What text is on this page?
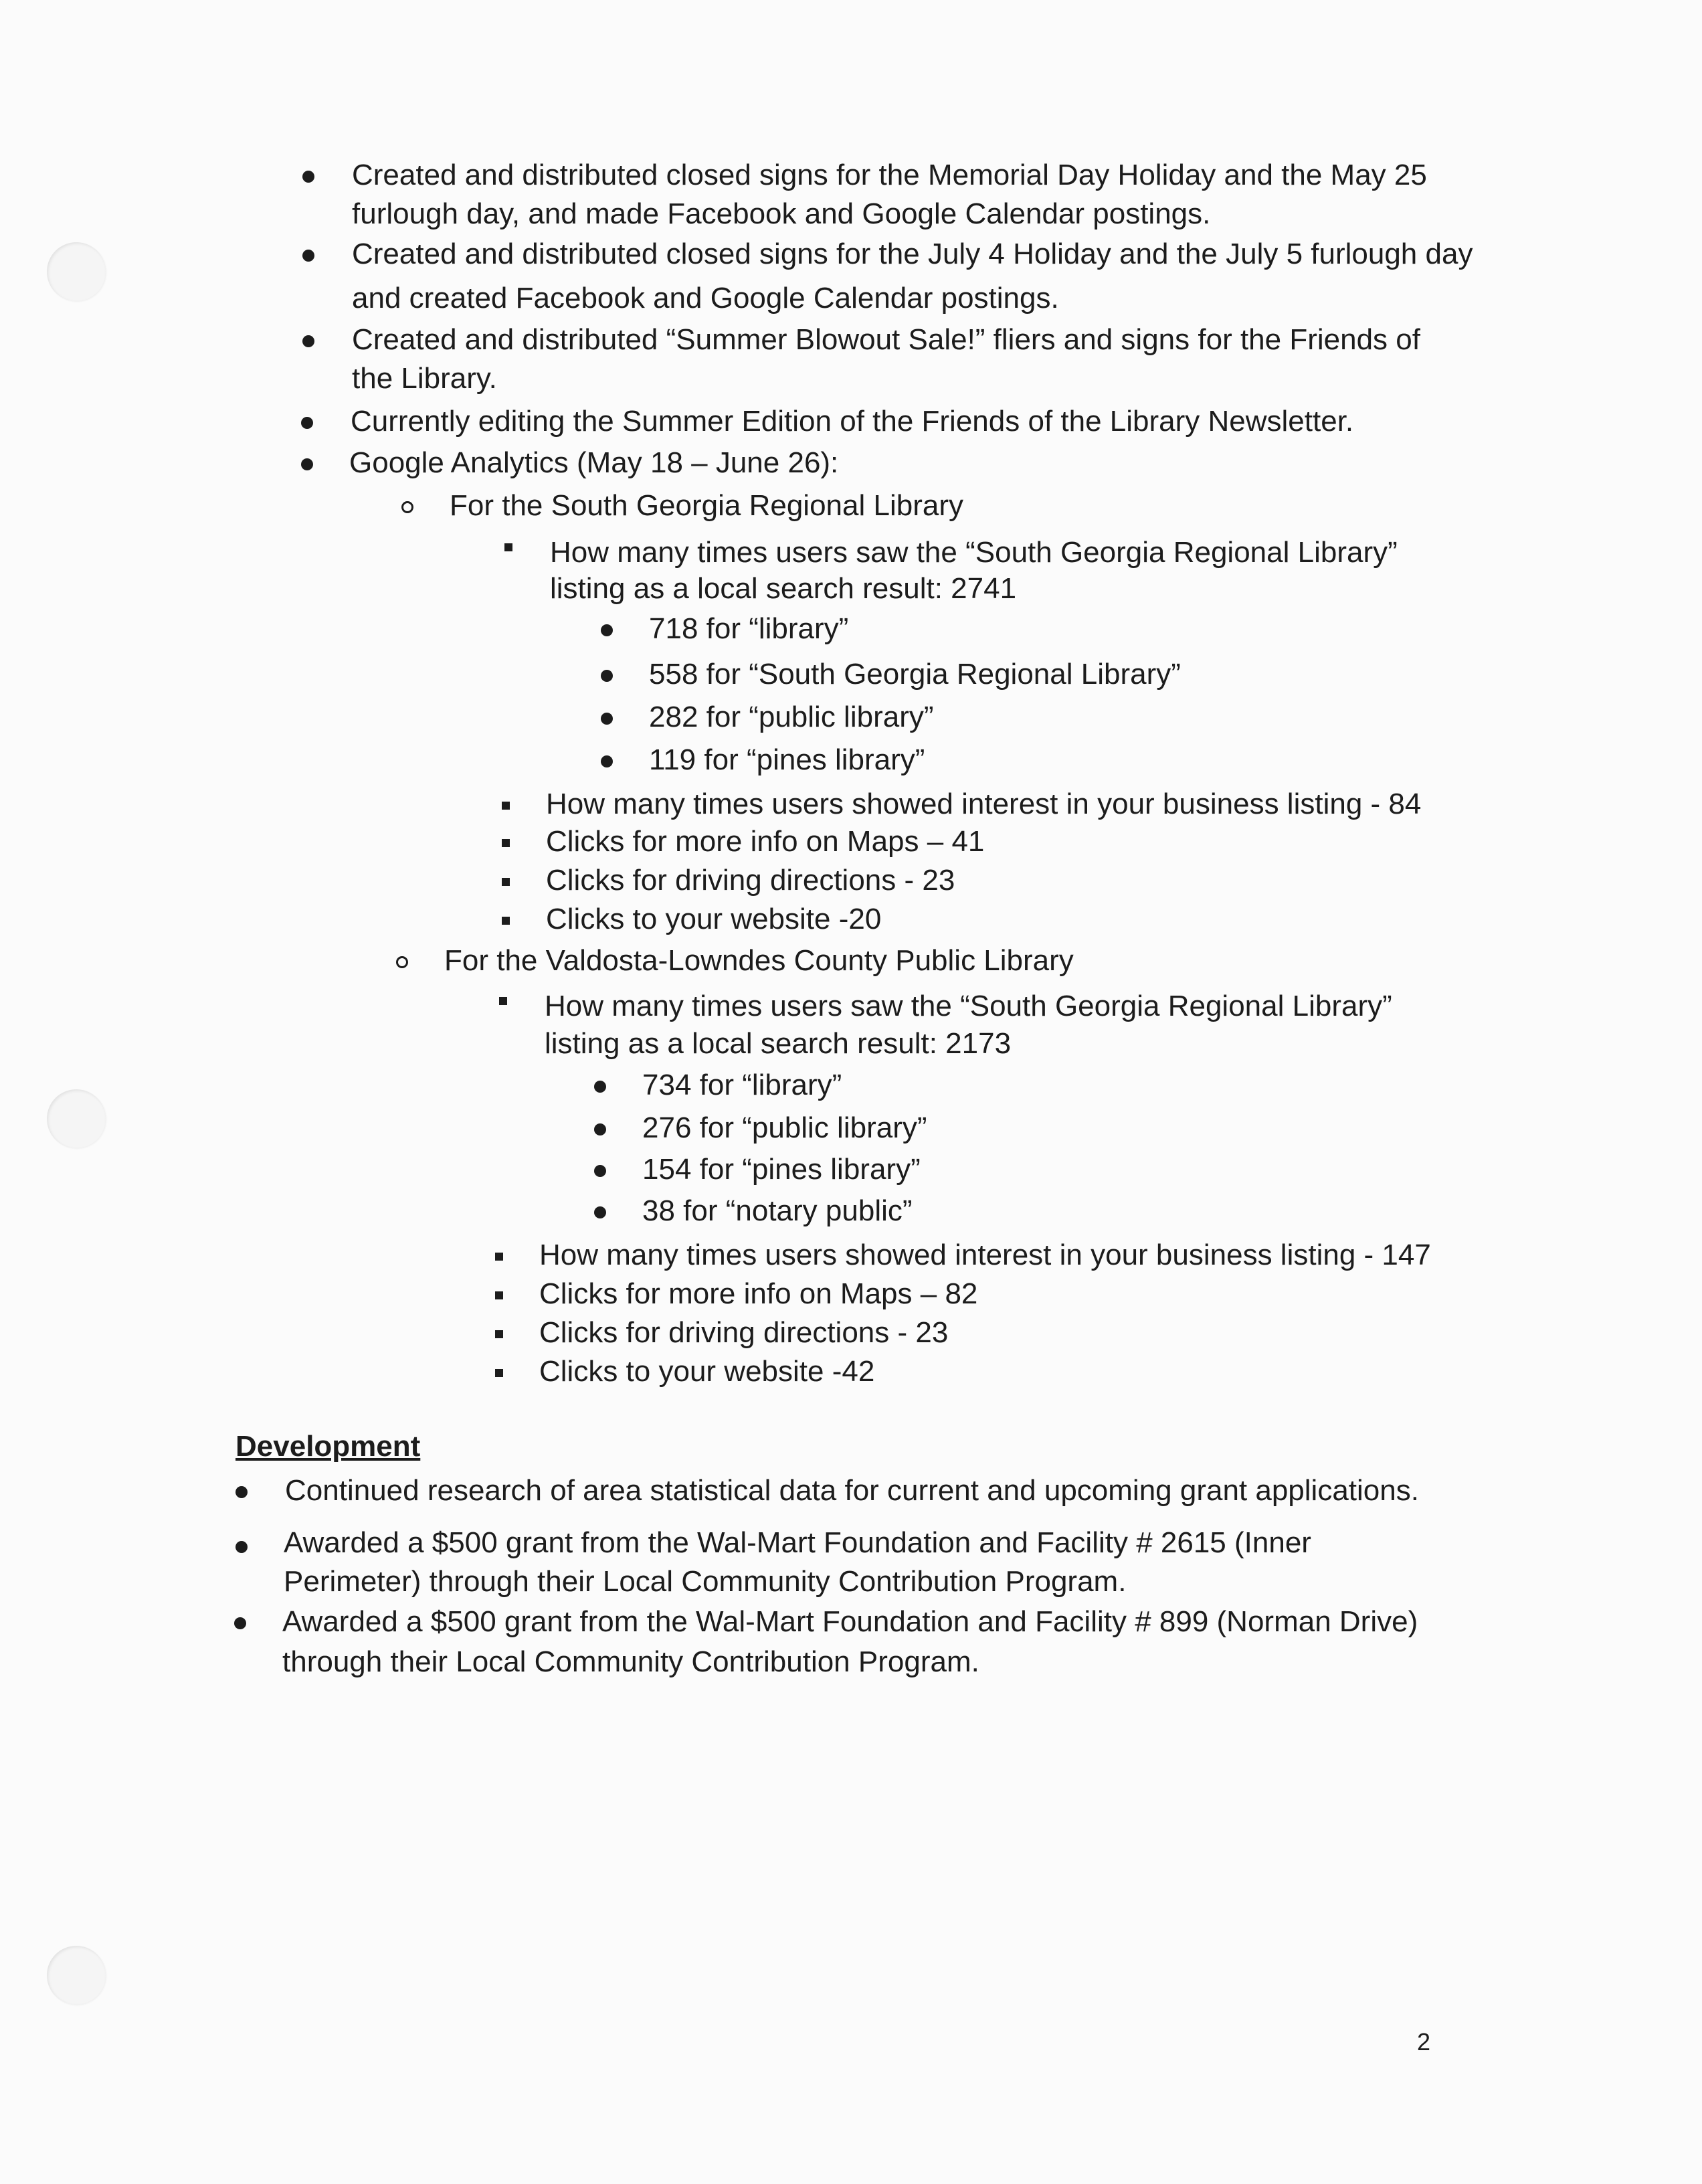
Created and distributed closed signs for the Memorial Day Holiday and the May 25
furlough day, and made Facebook and Google Calendar postings.
Created and distributed closed signs for the July 4 Holiday and the July 5 furlough day
and created Facebook and Google Calendar postings.
Created and distributed “Summer Blowout Sale!” fliers and signs for the Friends of
the Library.
Currently editing the Summer Edition of the Friends of the Library Newsletter.
Google Analytics (May 18 – June 26):
For the South Georgia Regional Library
How many times users saw the “South Georgia Regional Library”
listing as a local search result: 2741
718 for “library”
558 for “South Georgia Regional Library”
282 for “public library”
119 for “pines library”
How many times users showed interest in your business listing - 84
Clicks for more info on Maps – 41
Clicks for driving directions - 23
Clicks to your website -20
For the Valdosta-Lowndes County Public Library
How many times users saw the “South Georgia Regional Library”
listing as a local search result: 2173
734 for “library”
276 for “public library”
154 for “pines library”
38 for “notary public”
How many times users showed interest in your business listing - 147
Clicks for more info on Maps – 82
Clicks for driving directions - 23
Clicks to your website -42
Development
Continued research of area statistical data for current and upcoming grant applications.
Awarded a $500 grant from the Wal-Mart Foundation and Facility # 2615 (Inner
Perimeter) through their Local Community Contribution Program.
Awarded a $500 grant from the Wal-Mart Foundation and Facility # 899 (Norman Drive)
through their Local Community Contribution Program.
2
